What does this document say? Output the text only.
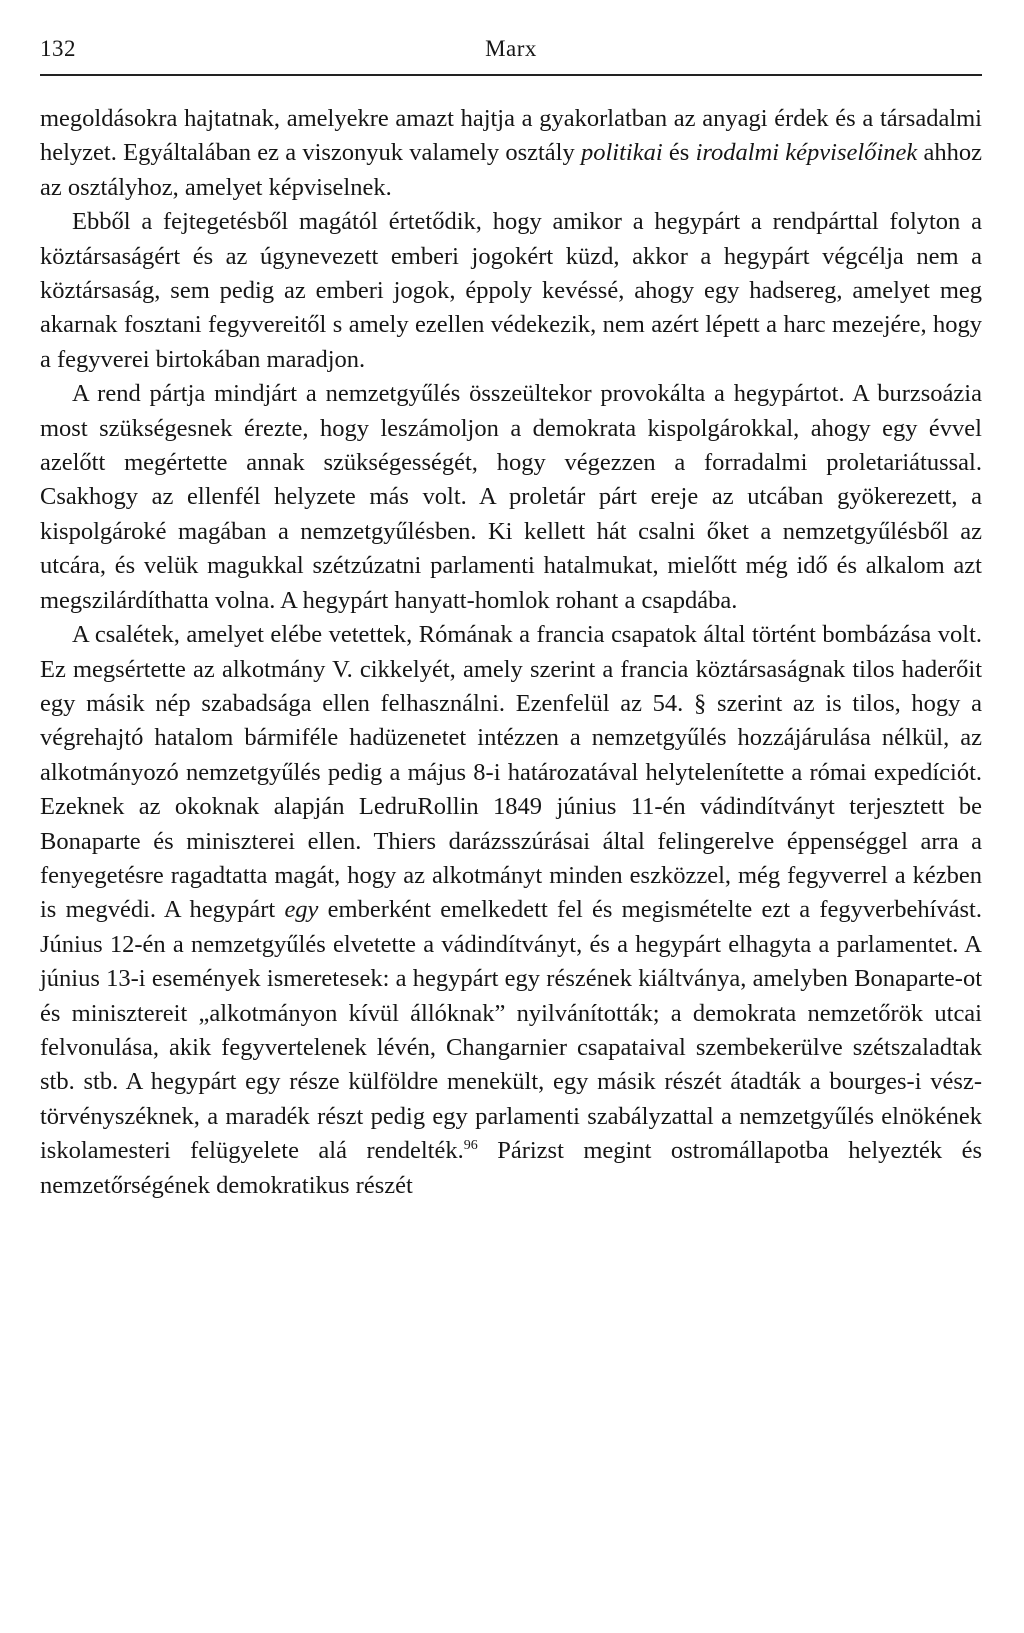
132	Marx

megoldásokra hajtatnak, amelyekre amazt hajtja a gyakorlatban az anyagi érdek és a társadalmi helyzet. Egyáltalában ez a viszonyuk valamely osztály politikai és irodalmi képviselőinek ahhoz az osztályhoz, amelyet képviselnek.

Ebből a fejtegetésből magától értetődik, hogy amikor a hegypárt a rendpárttal folyton a köztársaságért és az úgynevezett emberi jogokért küzd, akkor a hegypárt végcélja nem a köztársaság, sem pedig az emberi jogok, éppoly kevéssé, ahogy egy hadsereg, amelyet meg akarnak fosztani fegyvereitől s amely ezellen védekezik, nem azért lépett a harc mezejére, hogy a fegyverei birtokában maradjon.

A rend pártja mindjárt a nemzetgyűlés összeültekor provokálta a hegypártot. A burzsoázia most szükségesnek érezte, hogy leszámoljon a demokrata kispolgárokkal, ahogy egy évvel azelőtt megértette annak szükségességét, hogy végezzen a forradalmi proletariátussal. Csakhogy az ellenfél helyzete más volt. A proletár párt ereje az utcában gyökerezett, a kispolgároké magában a nemzetgyűlésben. Ki kellett hát csalni őket a nemzetgyűlésből az utcára, és velük magukkal szétzúzatni parlamenti hatalmukat, mielőtt még idő és alkalom azt megszilárdíthatta volna. A hegypárt hanyatt-homlok rohant a csapdába.

A csalétek, amelyet elébe vetettek, Rómának a francia csapatok által történt bombázása volt. Ez megsértette az alkotmány V. cikkelyét, amely szerint a francia köztársaságnak tilos haderőit egy másik nép szabadsága ellen felhasználni. Ezenfelül az 54. § szerint az is tilos, hogy a végrehajtó hatalom bármiféle hadüzenetet intézzen a nemzetgyűlés hozzájárulása nélkül, az alkotmányozó nemzetgyűlés pedig a május 8-i határozatával helytelenítette a római expedíciót. Ezeknek az okoknak alapján LedruRollin 1849 június 11-én vádindítványt terjesztett be Bonaparte és miniszterei ellen. Thiers darázsszúrásai által felingerelve éppenséggel arra a fenyegetésre ragadtatta magát, hogy az alkotmányt minden eszközzel, még fegyverrel a kézben is megvédi. A hegypárt egy emberként emelkedett fel és megismételte ezt a fegyverbehívást. Június 12-én a nemzetgyűlés elvetette a vádindítványt, és a hegypárt elhagyta a parlamentet. A június 13-i események ismeretesek: a hegypárt egy részének kiáltványa, amelyben Bonaparte-ot és minisztereit „alkotmányon kívül állóknak” nyilvánították; a demokrata nemzetőrök utcai felvonulása, akik fegyvertelenek lévén, Changarnier csapataival szembekerülve szétszaladtak stb. stb. A hegypárt egy része külföldre menekült, egy másik részét átadták a bourges-i vésztörvényszéknek, a maradék részt pedig egy parlamenti szabályzattal a nemzetgyűlés elnökének iskolamesteri felügyelete alá rendelték.$^{96}$ Párizst megint ostromállapotba helyezték és nemzetőrségének demokratikus részét
